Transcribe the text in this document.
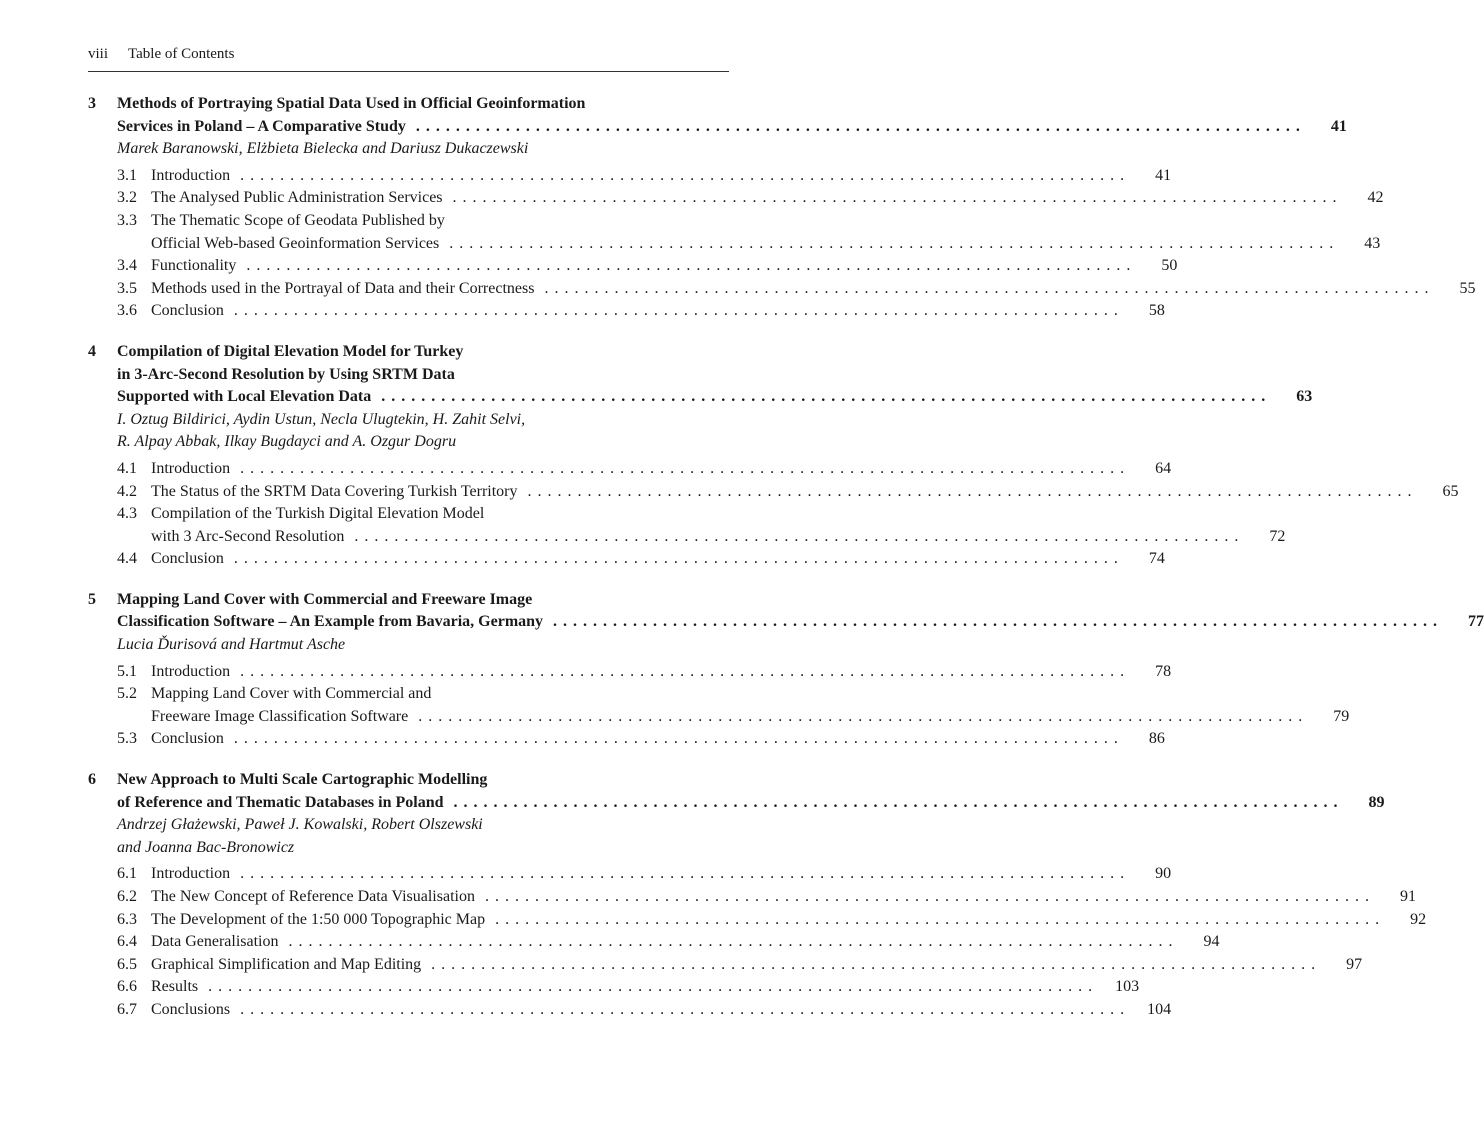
viii Table of Contents
3	Methods of Portraying Spatial Data Used in Official Geoinformation
Services in Poland – A Comparative Study . . .	41
Marek Baranowski, Elżbieta Bielecka and Dariusz Dukaczewski
3.1 Introduction . . .	41
3.2 The Analysed Public Administration Services . . .	42
3.3 The Thematic Scope of Geodata Published by
Official Web-based Geoinformation Services . . .	43
3.4 Functionality . . .	50
3.5 Methods used in the Portrayal of Data and their Correctness . . .	55
3.6 Conclusion . . .	58
4	Compilation of Digital Elevation Model for Turkey
in 3-Arc-Second Resolution by Using SRTM Data
Supported with Local Elevation Data . . .	63
I. Oztug Bildirici, Aydin Ustun, Necla Ulugtekin, H. Zahit Selvi,
R. Alpay Abbak, Ilkay Bugdayci and A. Ozgur Dogru
4.1 Introduction . . .	64
4.2 The Status of the SRTM Data Covering Turkish Territory . . .	65
4.3 Compilation of the Turkish Digital Elevation Model
with 3 Arc-Second Resolution . . .	72
4.4 Conclusion . . .	74
5	Mapping Land Cover with Commercial and Freeware Image
Classification Software – An Example from Bavaria, Germany . . .	77
Lucia Ďurisová and Hartmut Asche
5.1 Introduction . . .	78
5.2 Mapping Land Cover with Commercial and
Freeware Image Classification Software . . .	79
5.3 Conclusion . . .	86
6	New Approach to Multi Scale Cartographic Modelling
of Reference and Thematic Databases in Poland . . .	89
Andrzej Głażewski, Paweł J. Kowalski, Robert Olszewski
and Joanna Bac-Bronowicz
6.1 Introduction . . .	90
6.2 The New Concept of Reference Data Visualisation . . .	91
6.3 The Development of the 1:50 000 Topographic Map . . .	92
6.4 Data Generalisation . . .	94
6.5 Graphical Simplification and Map Editing . . .	97
6.6 Results . . .	103
6.7 Conclusions . . .	104
